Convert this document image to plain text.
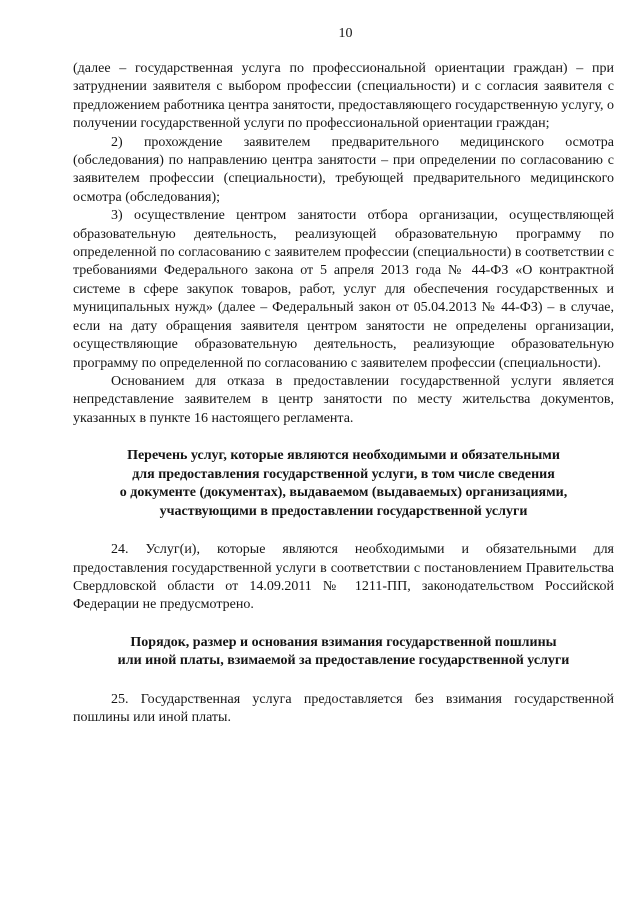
10

(далее – государственная услуга по профессиональной ориентации граждан) – при затруднении заявителя с выбором профессии (специальности) и с согласия заявителя с предложением работника центра занятости, предоставляющего государственную услугу, о получении государственной услуги по профессиональной ориентации граждан;

2) прохождение заявителем предварительного медицинского осмотра (обследования) по направлению центра занятости – при определении по согласованию с заявителем профессии (специальности), требующей предварительного медицинского осмотра (обследования);

3) осуществление центром занятости отбора организации, осуществляющей образовательную деятельность, реализующей образовательную программу по определенной по согласованию с заявителем профессии (специальности) в соответствии с требованиями Федерального закона от 5 апреля 2013 года № 44-ФЗ «О контрактной системе в сфере закупок товаров, работ, услуг для обеспечения государственных и муниципальных нужд» (далее – Федеральный закон от 05.04.2013 № 44-ФЗ) – в случае, если на дату обращения заявителя центром занятости не определены организации, осуществляющие образовательную деятельность, реализующие образовательную программу по определенной по согласованию с заявителем профессии (специальности).

Основанием для отказа в предоставлении государственной услуги является непредставление заявителем в центр занятости по месту жительства документов, указанных в пункте 16 настоящего регламента.

Перечень услуг, которые являются необходимыми и обязательными
для предоставления государственной услуги, в том числе сведения
о документе (документах), выдаваемом (выдаваемых) организациями,
участвующими в предоставлении государственной услуги

24. Услуг(и), которые являются необходимыми и обязательными для предоставления государственной услуги в соответствии с постановлением Правительства Свердловской области от 14.09.2011 № 1211-ПП, законодательством Российской Федерации не предусмотрено.

Порядок, размер и основания взимания государственной пошлины
или иной платы, взимаемой за предоставление государственной услуги

25. Государственная услуга предоставляется без взимания государственной пошлины или иной платы.
